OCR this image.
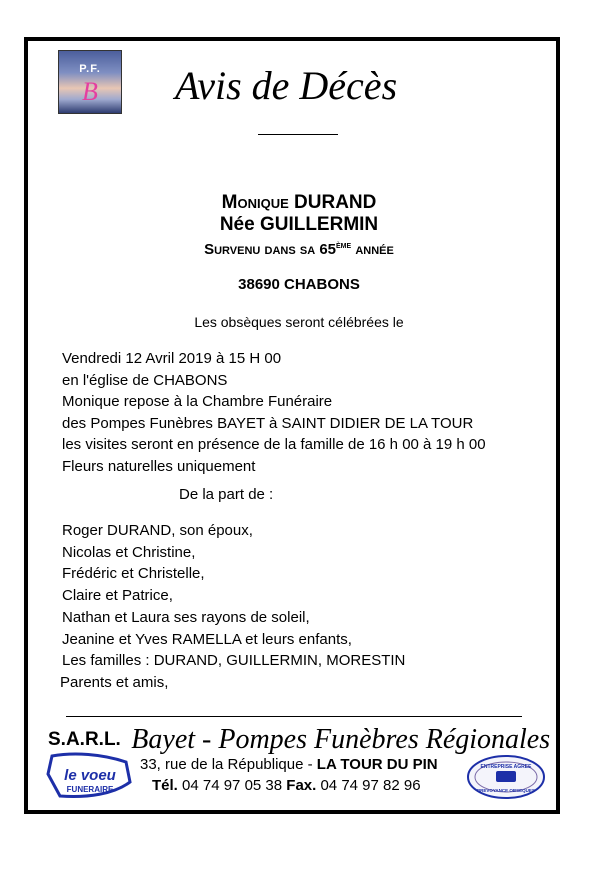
P.F.
B	Avis de Décès
Monique DURAND
Née GUILLERMIN
Survenu dans sa 65ème année
38690 CHABONS
Les obsèques seront célébrées le
Vendredi 12 Avril 2019 à 15 H 00
en l'église de CHABONS
Monique repose à la Chambre Funéraire
des Pompes Funèbres BAYET à SAINT DIDIER DE LA TOUR
les visites seront en présence de la famille de 16 h 00 à 19 h 00
Fleurs naturelles uniquement
De la part de :
Roger DURAND, son époux,
Nicolas et Christine,
Frédéric et Christelle,
Claire et Patrice,
Nathan et Laura ses rayons de soleil,
Jeanine et Yves RAMELLA et leurs enfants,
Les familles : DURAND, GUILLERMIN, MORESTIN
Parents et amis,
S.A.R.L. Bayet - Pompes Funèbres Régionales
33, rue de la République - LA TOUR DU PIN
Tél. 04 74 97 05 38 Fax. 04 74 97 82 96
le voeu
FUNERAIRE
ENTREPRISE AGREE
PREVOYANCE OBSEQUES
